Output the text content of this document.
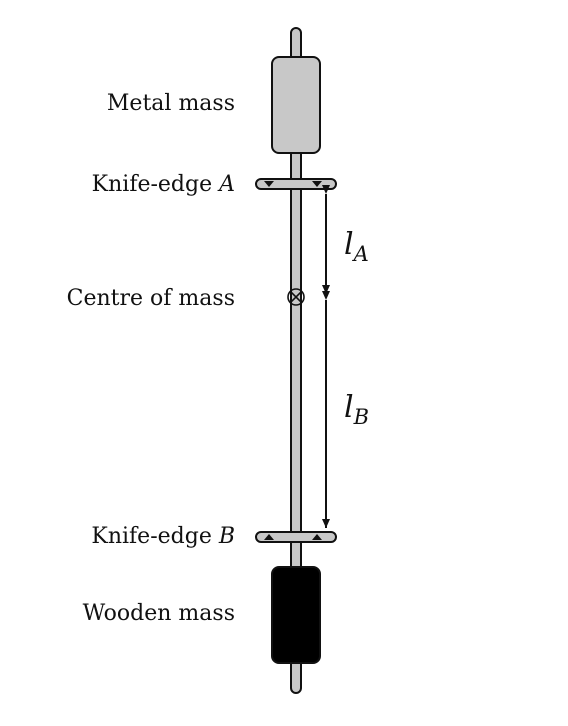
$l_A$
$l_B$
Metal mass
Knife-edge A
Centre of mass
Knife-edge B
Wooden mass
